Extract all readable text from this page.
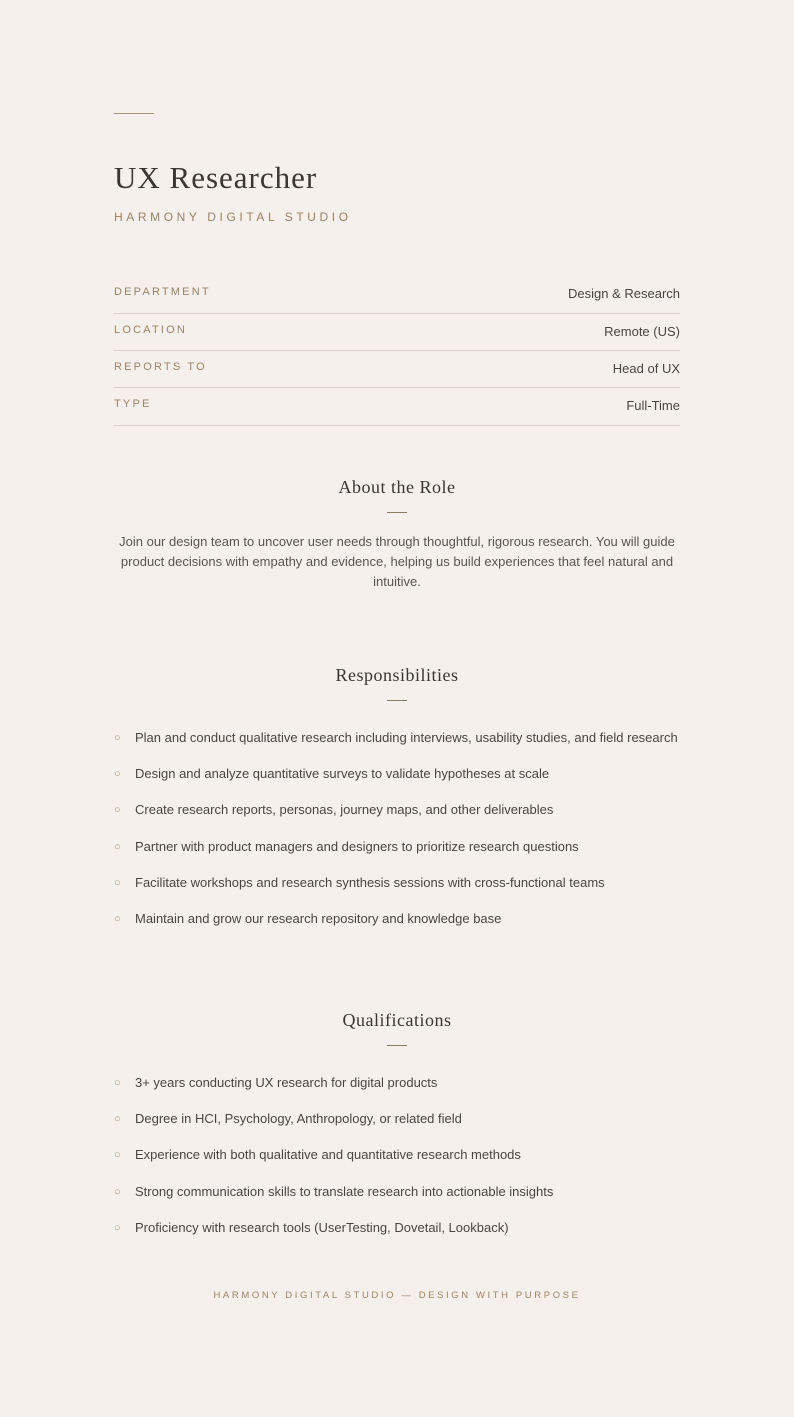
UX Researcher
HARMONY DIGITAL STUDIO
DEPARTMENT	Design & Research
LOCATION	Remote (US)
REPORTS TO	Head of UX
TYPE	Full-Time
About the Role

Join our design team to uncover user needs through thoughtful, rigorous research. You will guide product decisions with empathy and evidence, helping us build experiences that feel natural and intuitive.

Responsibilities
○ Plan and conduct qualitative research including interviews, usability studies, and field research
○ Design and analyze quantitative surveys to validate hypotheses at scale
○ Create research reports, personas, journey maps, and other deliverables
○ Partner with product managers and designers to prioritize research questions
○ Facilitate workshops and research synthesis sessions with cross-functional teams
○ Maintain and grow our research repository and knowledge base
Qualifications
○ 3+ years conducting UX research for digital products
○ Degree in HCI, Psychology, Anthropology, or related field
○ Experience with both qualitative and quantitative research methods
○ Strong communication skills to translate research into actionable insights
○ Proficiency with research tools (UserTesting, Dovetail, Lookback)
HARMONY DIGITAL STUDIO — DESIGN WITH PURPOSE
